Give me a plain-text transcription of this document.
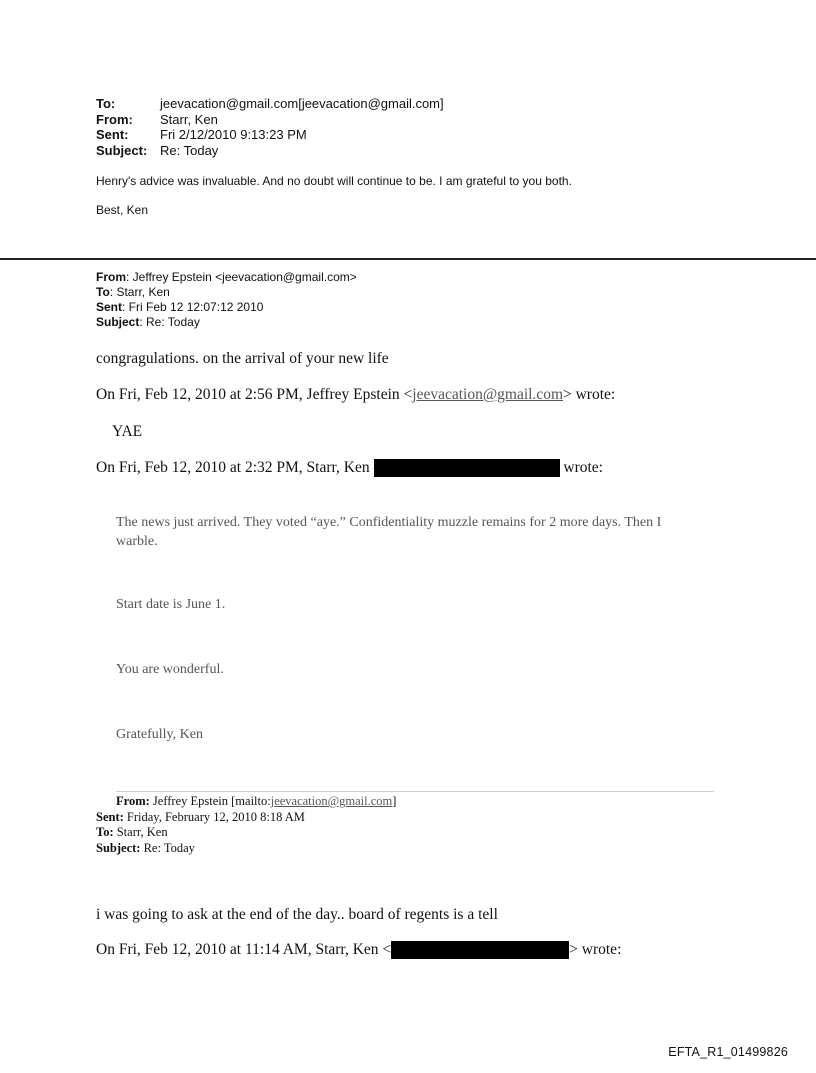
To:	jeevacation@gmail.com[jeevacation@gmail.com]
From:	Starr, Ken
Sent:	Fri 2/12/2010 9:13:23 PM
Subject: Re: Today
Henry's advice was invaluable. And no doubt will continue to be. I am grateful to you both.
Best, Ken
From: Jeffrey Epstein <jeevacation@gmail.com>
To: Starr, Ken
Sent: Fri Feb 12 12:07:12 2010
Subject: Re: Today
congragulations. on the arrival of your new life
On Fri, Feb 12, 2010 at 2:56 PM, Jeffrey Epstein <jeevacation@gmail.com> wrote:
YAE
On Fri, Feb 12, 2010 at 2:32 PM, Starr, Ken	wrote:
The news just arrived. They voted “aye.” Confidentiality muzzle remains for 2 more days. Then I warble.
Start date is June 1.
You are wonderful.
Gratefully, Ken
From: Jeffrey Epstein [mailto:jeevacation@gmail.com]
Sent: Friday, February 12, 2010 8:18 AM
To: Starr, Ken
Subject: Re: Today
i was going to ask at the end of the day.. board of regents is a tell
On Fri, Feb 12, 2010 at 11:14 AM, Starr, Ken <	> wrote:
EFTA_R1_01499826
